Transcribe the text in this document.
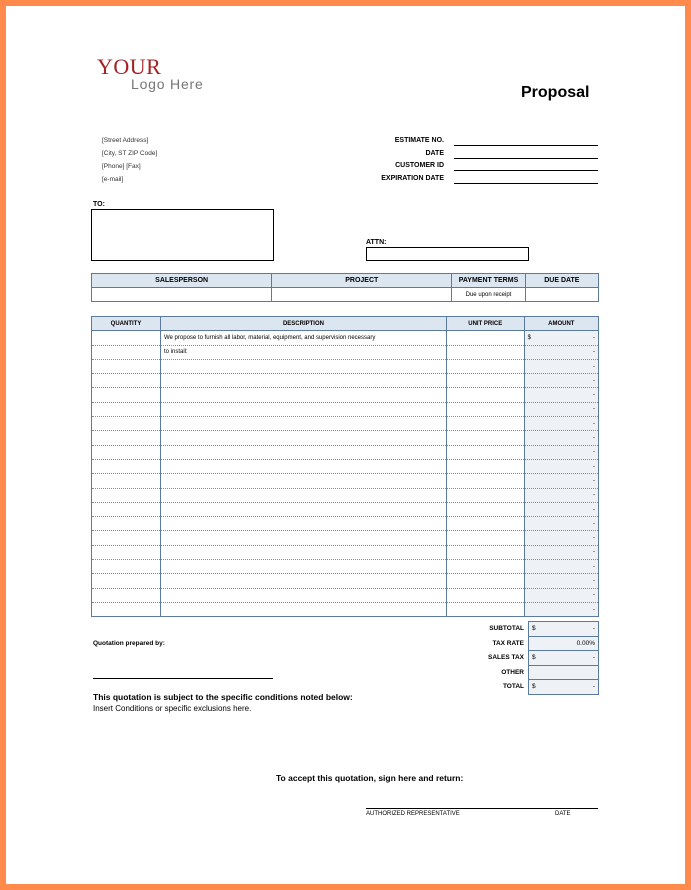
YOUR
Logo Here	Proposal
[Street Address]
[City, ST ZIP Code]
[Phone] [Fax]
[e-mail]
ESTIMATE NO.
DATE
CUSTOMER ID
EXPIRATION DATE
TO:
ATTN:
SALESPERSON	PROJECT	PAYMENT TERMS	DUE DATE
		Due upon receipt	
QUANTITY	DESCRIPTION	UNIT PRICE	AMOUNT
	We propose to furnish all labor, material, equipment, and supervision necessary		$ -

	to install:		-

			-

			-

			-

			-

			-

			-

			-

			-

			-

			-

			-

			-

			-

			-

			-

			-

			-

			-
SUBTOTAL	$ -

TAX RATE	0.00%

SALES TAX	$ -

OTHER	

TOTAL	$ -
Quotation prepared by:
This quotation is subject to the specific conditions noted below:
Insert Conditions or specific exclusions here.
To accept this quotation, sign here and return:
AUTHORIZED REPRESENTATIVE	DATE
